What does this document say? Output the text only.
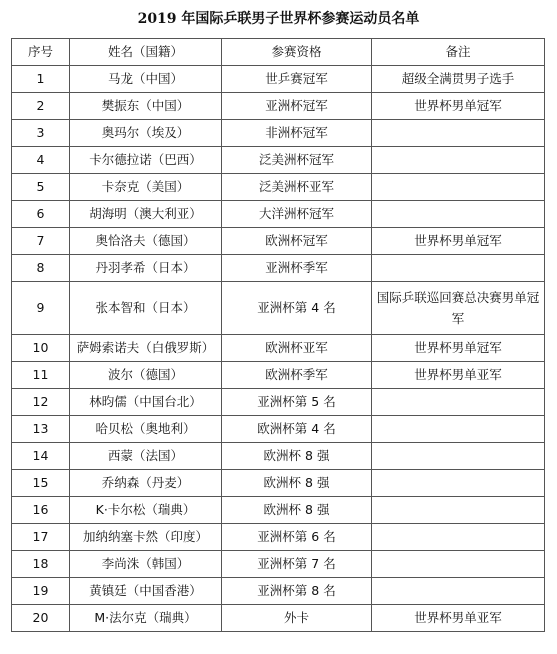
2019 年国际乒联男子世界杯参赛运动员名单
序号	姓名（国籍）	参赛资格	备注
1	马龙（中国）	世乒赛冠军	超级全满贯男子选手
2	樊振东（中国）	亚洲杯冠军	世界杯男单冠军
3	奥玛尔（埃及）	非洲杯冠军	
4	卡尔德拉诺（巴西）	泛美洲杯冠军	
5	卡奈克（美国）	泛美洲杯亚军	
6	胡海明（澳大利亚）	大洋洲杯冠军	
7	奥恰洛夫（德国）	欧洲杯冠军	世界杯男单冠军
8	丹羽孝希（日本）	亚洲杯季军	
9	张本智和（日本）	亚洲杯第 4 名	国际乒联巡回赛总决赛男单冠军
10	萨姆索诺夫（白俄罗斯）	欧洲杯亚军	世界杯男单冠军
11	波尔（德国）	欧洲杯季军	世界杯男单亚军
12	林昀儒（中国台北）	亚洲杯第 5 名	
13	哈贝松（奥地利）	欧洲杯第 4 名	
14	西蒙（法国）	欧洲杯 8 强	
15	乔纳森（丹麦）	欧洲杯 8 强	
16	K·卡尔松（瑞典）	欧洲杯 8 强	
17	加纳纳塞卡然（印度）	亚洲杯第 6 名	
18	李尚洙（韩国）	亚洲杯第 7 名	
19	黄镇廷（中国香港）	亚洲杯第 8 名	
20	M·法尔克（瑞典）	外卡	世界杯男单亚军
